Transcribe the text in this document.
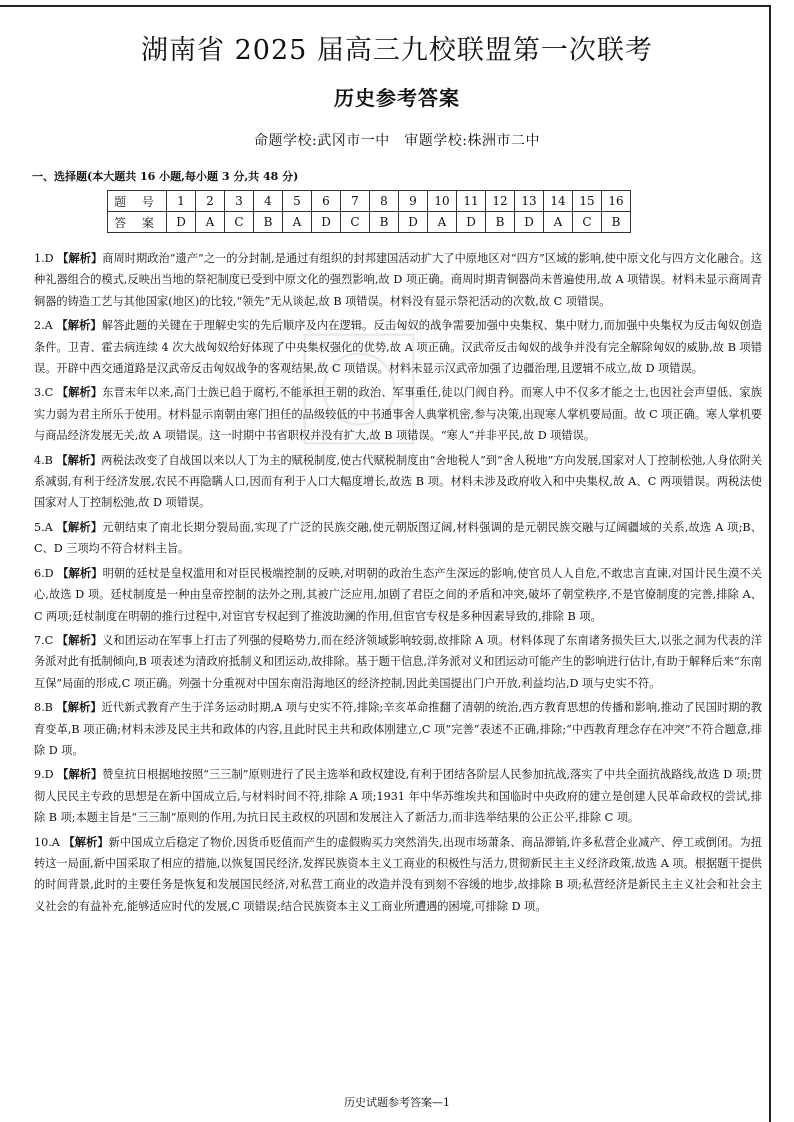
湖南省 2025 届高三九校联盟第一次联考
历史参考答案
命题学校:武冈市一中　审题学校:株洲市二中
一、选择题(本大题共 16 小题,每小题 3 分,共 48 分)
题 号	1	2	3	4	5	6	7	8	9	10	11	12	13	14	15	16
答 案	D	A	C	B	A	D	C	B	D	A	D	B	D	A	C	B
1.D 【解析】商周时期政治“遗产”之一的分封制,是通过有组织的封邦建国活动扩大了中原地区对“四方”区域的影响,使中原文化与四方文化融合。这种礼器组合的模式,反映出当地的祭祀制度已受到中原文化的强烈影响,故 D 项正确。商周时期青铜器尚未普遍使用,故 A 项错误。材料未显示商周青铜器的铸造工艺与其他国家(地区)的比较,“领先”无从谈起,故 B 项错误。材料没有显示祭祀活动的次数,故 C 项错误。
2.A 【解析】解答此题的关键在于理解史实的先后顺序及内在逻辑。反击匈奴的战争需要加强中央集权、集中财力,而加强中央集权为反击匈奴创造条件。卫青、霍去病连续 4 次大战匈奴给好体现了中央集权强化的优势,故 A 项正确。汉武帝反击匈奴的战争并没有完全解除匈奴的威胁,故 B 项错误。开辟中西交通道路是汉武帝反击匈奴战争的客观结果,故 C 项错误。材料未显示汉武帝加强了边疆治理,且逻辑不成立,故 D 项错误。
3.C 【解析】东晋末年以来,高门士族已趋于腐朽,不能承担王朝的政治、军事重任,徒以门阀自矜。而寒人中不仅多才能之士,也因社会声望低、家族实力弱为君主所乐于使用。材料显示南朝由寒门担任的品级较低的中书通事舍人典掌机密,参与决策,出现寒人掌机要局面。故 C 项正确。寒人掌机要与商品经济发展无关,故 A 项错误。这一时期中书省职权并没有扩大,故 B 项错误。“寒人”并非平民,故 D 项错误。
4.B 【解析】两税法改变了自战国以来以人丁为主的赋税制度,使古代赋税制度由“舍地税人”到“舍人税地”方向发展,国家对人丁控制松弛,人身依附关系减弱,有利于经济发展,农民不再隐瞒人口,因而有利于人口大幅度增长,故选 B 项。材料未涉及政府收入和中央集权,故 A、C 两项错误。两税法使国家对人丁控制松弛,故 D 项错误。
5.A 【解析】元朝结束了南北长期分裂局面,实现了广泛的民族交融,使元朝版图辽阔,材料强调的是元朝民族交融与辽阔疆域的关系,故选 A 项;B、C、D 三项均不符合材料主旨。
6.D 【解析】明朝的廷杖是皇权滥用和对臣民极端控制的反映,对明朝的政治生态产生深远的影响,使官员人人自危,不敢忠言直谏,对国计民生漠不关心,故选 D 项。廷杖制度是一种由皇帝控制的法外之刑,其被广泛应用,加剧了君臣之间的矛盾和冲突,破坏了朝堂秩序,不是官僚制度的完善,排除 A、C 两项;廷杖制度在明朝的推行过程中,对宦官专权起到了推波助澜的作用,但宦官专权是多种因素导致的,排除 B 项。
7.C 【解析】义和团运动在军事上打击了列强的侵略势力,而在经济领域影响较弱,故排除 A 项。材料体现了东南诸务损失巨大,以张之洞为代表的洋务派对此有抵制倾向,B 项表述为清政府抵制义和团运动,故排除。基于题干信息,洋务派对义和团运动可能产生的影响进行估计,有助于解释后来“东南互保”局面的形成,C 项正确。列强十分重视对中国东南沿海地区的经济控制,因此美国提出门户开放,利益均沾,D 项与史实不符。
8.B 【解析】近代新式教育产生于洋务运动时期,A 项与史实不符,排除;辛亥革命推翻了清朝的统治,西方教育思想的传播和影响,推动了民国时期的教育变革,B 项正确;材料未涉及民主共和政体的内容,且此时民主共和政体刚建立,C 项“完善”表述不正确,排除;“中西教育理念存在冲突”不符合题意,排除 D 项。
9.D 【解析】赞皇抗日根据地按照“三三制”原则进行了民主选举和政权建设,有利于团结各阶层人民参加抗战,落实了中共全面抗战路线,故选 D 项;贯彻人民民主专政的思想是在新中国成立后,与材料时间不符,排除 A 项;1931 年中华苏维埃共和国临时中央政府的建立是创建人民革命政权的尝试,排除 B 项;本题主旨是“三三制”原则的作用,为抗日民主政权的巩固和发展注入了新活力,而非选举结果的公正公平,排除 C 项。
10.A 【解析】新中国成立后稳定了物价,因货币贬值而产生的虚假购买力突然消失,出现市场萧条、商品滞销,许多私营企业减产、停工或倒闭。为扭转这一局面,新中国采取了相应的措施,以恢复国民经济,发挥民族资本主义工商业的积极性与活力,贯彻新民主主义经济政策,故选 A 项。根据题干提供的时间背景,此时的主要任务是恢复和发展国民经济,对私营工商业的改造并没有到刻不容缓的地步,故排除 B 项;私营经济是新民主主义社会和社会主义社会的有益补充,能够适应时代的发展,C 项错误;结合民族资本主义工商业所遭遇的困境,可排除 D 项。
历史试题参考答案—1
